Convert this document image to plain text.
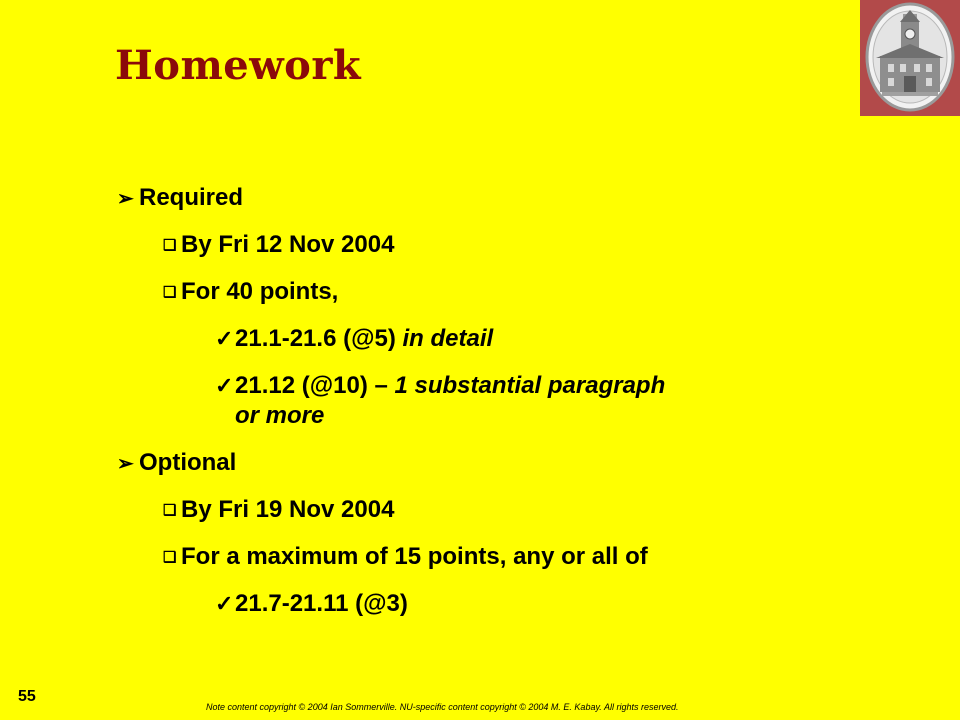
Homework
➢ Required
❑ By Fri 12 Nov 2004
❑ For 40 points,
✓21.1-21.6 (@5) in detail
✓21.12 (@10) – 1 substantial paragraph
or more
➢ Optional
❑ By Fri 19 Nov 2004
❑ For a maximum of 15 points, any or all of
✓21.7-21.11 (@3)
55
Note content copyright © 2004 Ian Sommerville. NU-specific content copyright © 2004 M. E. Kabay. All rights reserved.
